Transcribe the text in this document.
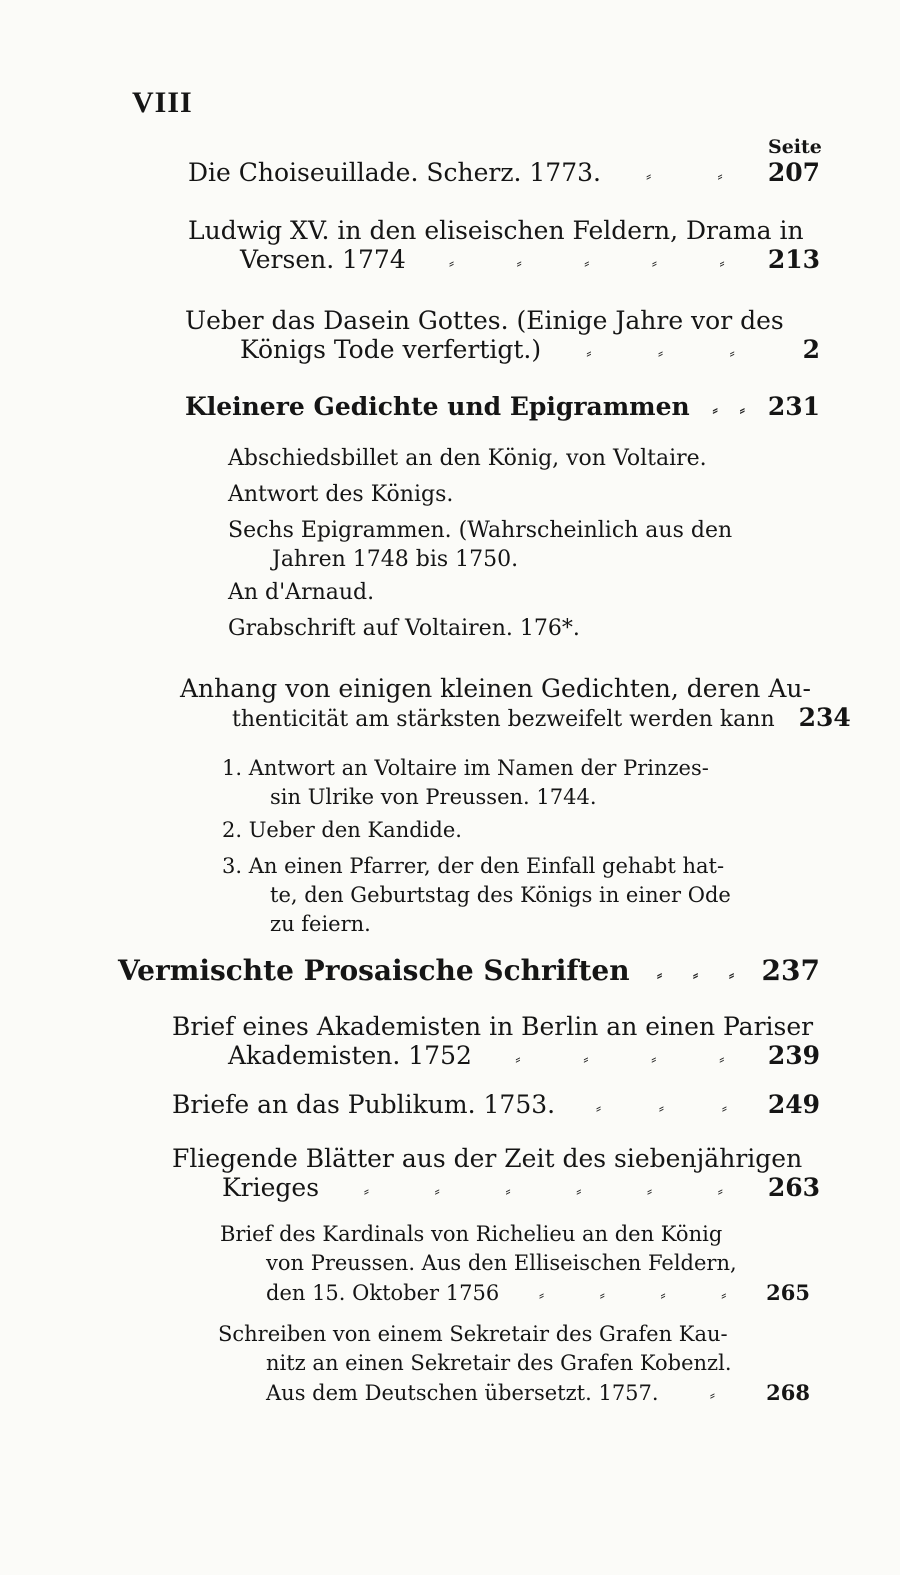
VIII
Seite
Die Choiseuillade. Scherz. 1773.	⸗	⸗ 207
Ludwig XV. in den eliseischen Feldern, Drama in
Versen. 1774	⸗	⸗	⸗	⸗	⸗ 213
Ueber das Dasein Gottes. (Einige Jahre vor des
Königs Tode verfertigt.)	⸗	⸗	⸗	2
Kleinere Gedichte und Epigrammen ⸗ ⸗ 231
Abschiedsbillet an den König, von Voltaire.
Antwort des Königs.
Sechs Epigrammen. (Wahrscheinlich aus den
Jahren 1748 bis 1750.
An d'Arnaud.
Grabschrift auf Voltairen. 176*.
Anhang von einigen kleinen Gedichten, deren Au-
thenticität am stärksten bezweifelt werden kann 234
1. Antwort an Voltaire im Namen der Prinzes-
sin Ulrike von Preussen. 1744.
2. Ueber den Kandide.
3. An einen Pfarrer, der den Einfall gehabt hat-
te, den Geburtstag des Königs in einer Ode
zu feiern.
Vermischte Prosaische Schriften ⸗ ⸗ ⸗ 237
Brief eines Akademisten in Berlin an einen Pariser
Akademisten. 1752	⸗	⸗	⸗	⸗ 239
Briefe an das Publikum. 1753.	⸗	⸗	⸗ 249
Fliegende Blätter aus der Zeit des siebenjährigen
Krieges	⸗	⸗	⸗	⸗	⸗	⸗ 263
Brief des Kardinals von Richelieu an den König
von Preussen. Aus den Elliseischen Feldern,
den 15. Oktober 1756 ⸗	⸗	⸗	⸗ 265
Schreiben von einem Sekretair des Grafen Kau-
nitz an einen Sekretair des Grafen Kobenzl.
Aus dem Deutschen übersetzt. 1757.	⸗ 268
